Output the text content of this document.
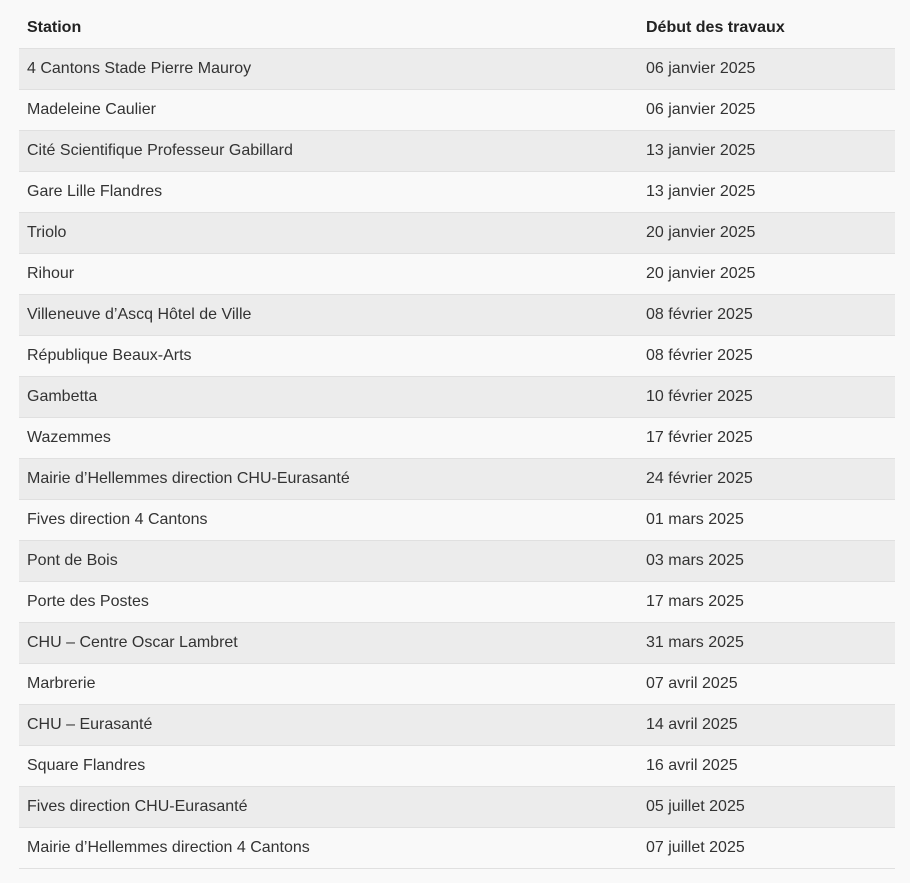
Station	Début des travaux
4 Cantons Stade Pierre Mauroy	06 janvier 2025
Madeleine Caulier	06 janvier 2025
Cité Scientifique Professeur Gabillard	13 janvier 2025
Gare Lille Flandres	13 janvier 2025
Triolo	20 janvier 2025
Rihour	20 janvier 2025
Villeneuve d’Ascq Hôtel de Ville	08 février 2025
République Beaux-Arts	08 février 2025
Gambetta	10 février 2025
Wazemmes	17 février 2025
Mairie d’Hellemmes direction CHU-Eurasanté	24 février 2025
Fives direction 4 Cantons	01 mars 2025
Pont de Bois	03 mars 2025
Porte des Postes	17 mars 2025
CHU – Centre Oscar Lambret	31 mars 2025
Marbrerie	07 avril 2025
CHU – Eurasanté	14 avril 2025
Square Flandres	16 avril 2025
Fives direction CHU-Eurasanté	05 juillet 2025
Mairie d’Hellemmes direction 4 Cantons	07 juillet 2025
